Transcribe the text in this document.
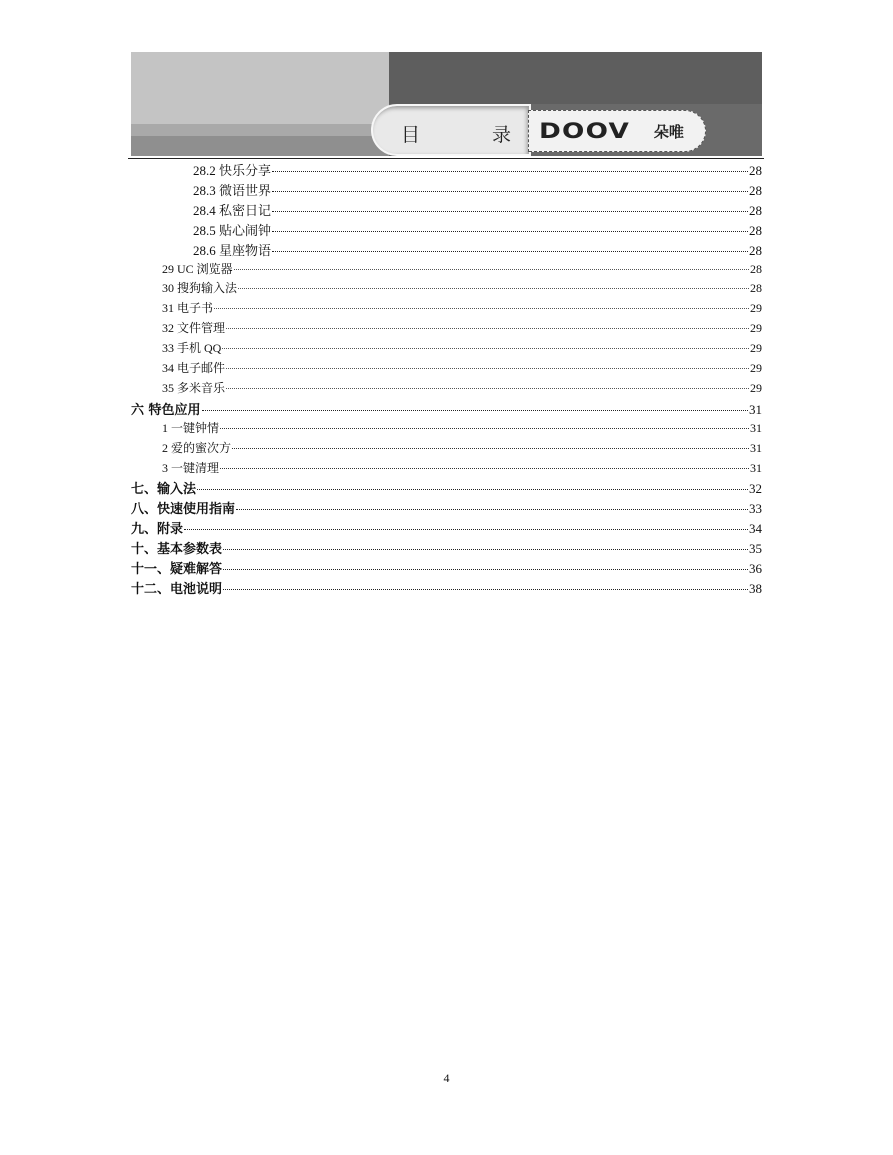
目	录 DOOV 朵唯
28.2 快乐分享	28
28.3 微语世界	28
28.4 私密日记	28
28.5 贴心闹钟	28
28.6 星座物语	28
29 UC 浏览器	28
30 搜狗输入法	28
31 电子书	29
32 文件管理	29
33 手机 QQ	29
34 电子邮件	29
35 多米音乐	29
六 特色应用	31
1 一键钟情	31
2 爱的蜜次方	31
3 一键清理	31
七、输入法	32
八、快速使用指南	33
九、附录	34
十、基本参数表	35
十一、疑难解答	36
十二、电池说明	38
4
